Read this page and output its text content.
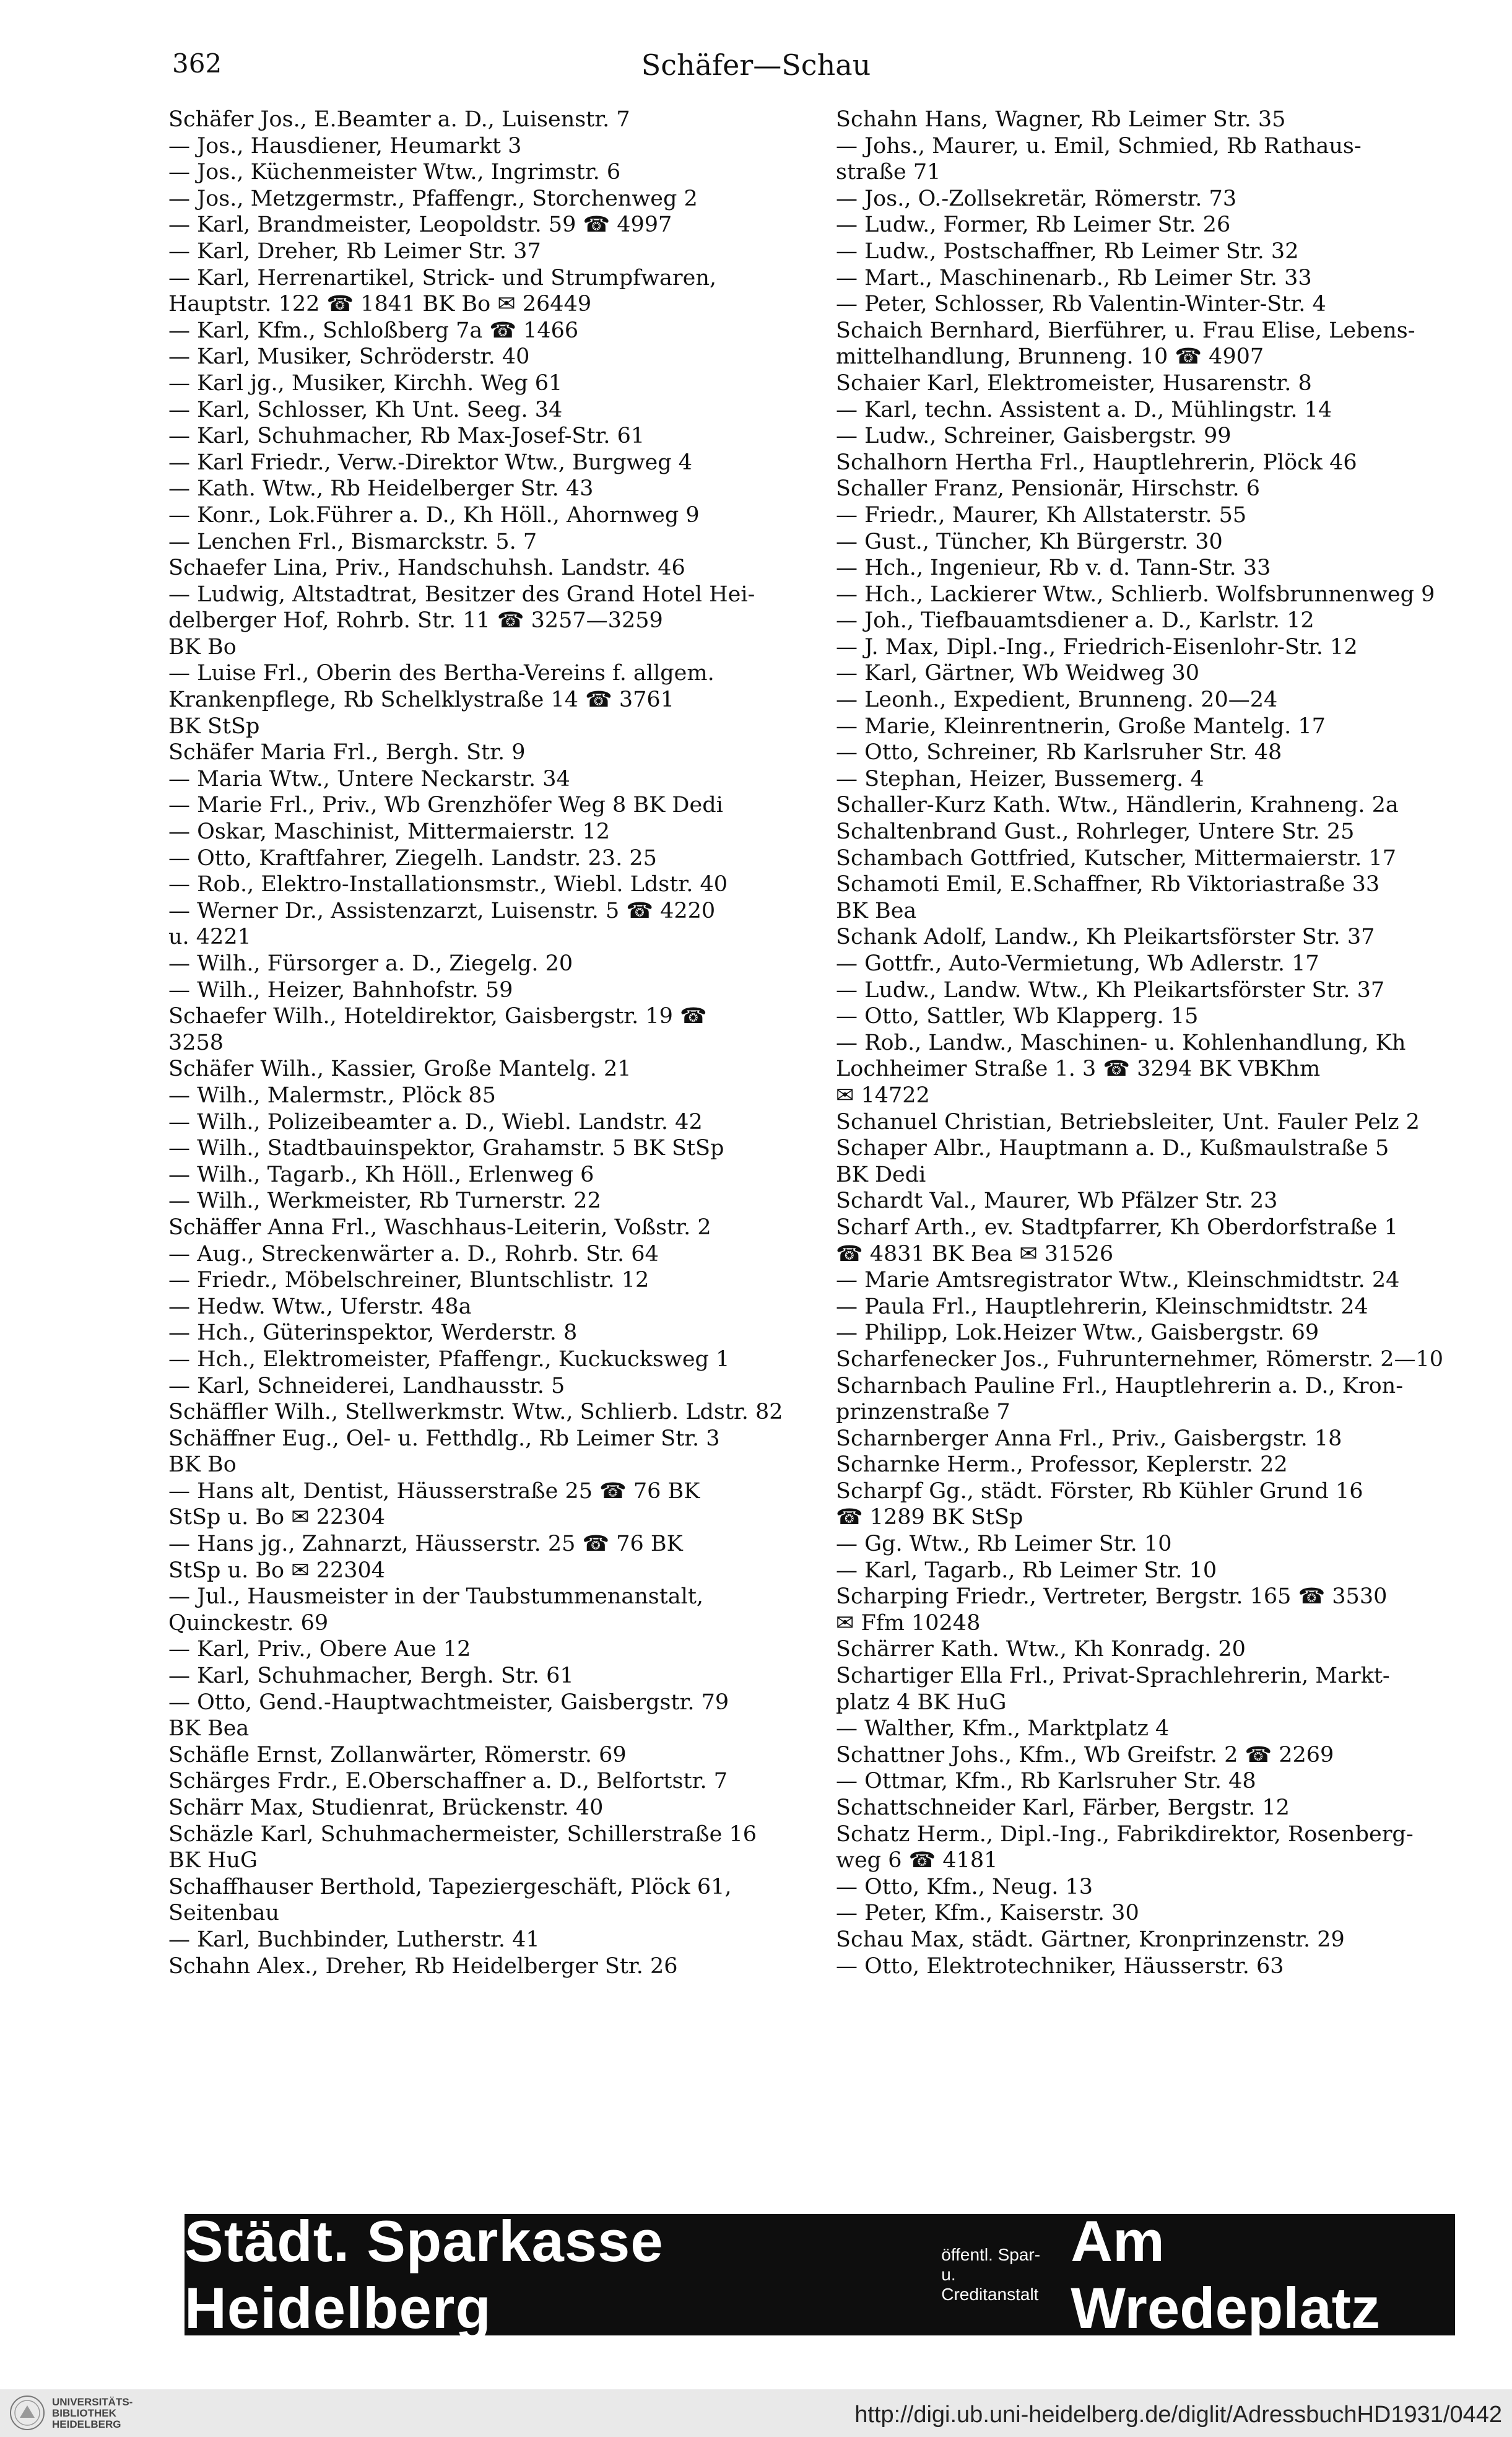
362	Schäfer—Schau
Schäfer Jos., E.Beamter a. D., Luisenstr. 7
— Jos., Hausdiener, Heumarkt 3
— Jos., Küchenmeister Wtw., Ingrimstr. 6
— Jos., Metzgermstr., Pfaffengr., Storchenweg 2
— Karl, Brandmeister, Leopoldstr. 59 ☎ 4997
— Karl, Dreher, Rb Leimer Str. 37
— Karl, Herrenartikel, Strick- und Strumpfwaren,
Hauptstr. 122 ☎ 1841 BK Bo ✉ 26449
— Karl, Kfm., Schloßberg 7a ☎ 1466
— Karl, Musiker, Schröderstr. 40
— Karl jg., Musiker, Kirchh. Weg 61
— Karl, Schlosser, Kh Unt. Seeg. 34
— Karl, Schuhmacher, Rb Max-Josef-Str. 61
— Karl Friedr., Verw.-Direktor Wtw., Burgweg 4
— Kath. Wtw., Rb Heidelberger Str. 43
— Konr., Lok.Führer a. D., Kh Höll., Ahornweg 9
— Lenchen Frl., Bismarckstr. 5. 7
Schaefer Lina, Priv., Handschuhsh. Landstr. 46
— Ludwig, Altstadtrat, Besitzer des Grand Hotel Hei-
delberger Hof, Rohrb. Str. 11 ☎ 3257—3259
BK Bo
— Luise Frl., Oberin des Bertha-Vereins f. allgem.
Krankenpflege, Rb Schelklystraße 14 ☎ 3761
BK StSp
Schäfer Maria Frl., Bergh. Str. 9
— Maria Wtw., Untere Neckarstr. 34
— Marie Frl., Priv., Wb Grenzhöfer Weg 8 BK Dedi
— Oskar, Maschinist, Mittermaierstr. 12
— Otto, Kraftfahrer, Ziegelh. Landstr. 23. 25
— Rob., Elektro-Installationsmstr., Wiebl. Ldstr. 40
— Werner Dr., Assistenzarzt, Luisenstr. 5 ☎ 4220
u. 4221
— Wilh., Fürsorger a. D., Ziegelg. 20
— Wilh., Heizer, Bahnhofstr. 59
Schaefer Wilh., Hoteldirektor, Gaisbergstr. 19 ☎
3258
Schäfer Wilh., Kassier, Große Mantelg. 21
— Wilh., Malermstr., Plöck 85
— Wilh., Polizeibeamter a. D., Wiebl. Landstr. 42
— Wilh., Stadtbauinspektor, Grahamstr. 5 BK StSp
— Wilh., Tagarb., Kh Höll., Erlenweg 6
— Wilh., Werkmeister, Rb Turnerstr. 22
Schäffer Anna Frl., Waschhaus-Leiterin, Voßstr. 2
— Aug., Streckenwärter a. D., Rohrb. Str. 64
— Friedr., Möbelschreiner, Bluntschlistr. 12
— Hedw. Wtw., Uferstr. 48a
— Hch., Güterinspektor, Werderstr. 8
— Hch., Elektromeister, Pfaffengr., Kuckucksweg 1
— Karl, Schneiderei, Landhausstr. 5
Schäffler Wilh., Stellwerkmstr. Wtw., Schlierb. Ldstr. 82
Schäffner Eug., Oel- u. Fetthdlg., Rb Leimer Str. 3
BK Bo
— Hans alt, Dentist, Häusserstraße 25 ☎ 76 BK
StSp u. Bo ✉ 22304
— Hans jg., Zahnarzt, Häusserstr. 25 ☎ 76 BK
StSp u. Bo ✉ 22304
— Jul., Hausmeister in der Taubstummenanstalt,
Quinckestr. 69
— Karl, Priv., Obere Aue 12
— Karl, Schuhmacher, Bergh. Str. 61
— Otto, Gend.-Hauptwachtmeister, Gaisbergstr. 79
BK Bea
Schäfle Ernst, Zollanwärter, Römerstr. 69
Schärges Frdr., E.Oberschaffner a. D., Belfortstr. 7
Schärr Max, Studienrat, Brückenstr. 40
Schäzle Karl, Schuhmachermeister, Schillerstraße 16
BK HuG
Schaffhauser Berthold, Tapeziergeschäft, Plöck 61,
Seitenbau
— Karl, Buchbinder, Lutherstr. 41
Schahn Alex., Dreher, Rb Heidelberger Str. 26
Schahn Hans, Wagner, Rb Leimer Str. 35
— Johs., Maurer, u. Emil, Schmied, Rb Rathaus-
straße 71
— Jos., O.-Zollsekretär, Römerstr. 73
— Ludw., Former, Rb Leimer Str. 26
— Ludw., Postschaffner, Rb Leimer Str. 32
— Mart., Maschinenarb., Rb Leimer Str. 33
— Peter, Schlosser, Rb Valentin-Winter-Str. 4
Schaich Bernhard, Bierführer, u. Frau Elise, Lebens-
mittelhandlung, Brunneng. 10 ☎ 4907
Schaier Karl, Elektromeister, Husarenstr. 8
— Karl, techn. Assistent a. D., Mühlingstr. 14
— Ludw., Schreiner, Gaisbergstr. 99
Schalhorn Hertha Frl., Hauptlehrerin, Plöck 46
Schaller Franz, Pensionär, Hirschstr. 6
— Friedr., Maurer, Kh Allstaterstr. 55
— Gust., Tüncher, Kh Bürgerstr. 30
— Hch., Ingenieur, Rb v. d. Tann-Str. 33
— Hch., Lackierer Wtw., Schlierb. Wolfsbrunnenweg 9
— Joh., Tiefbauamtsdiener a. D., Karlstr. 12
— J. Max, Dipl.-Ing., Friedrich-Eisenlohr-Str. 12
— Karl, Gärtner, Wb Weidweg 30
— Leonh., Expedient, Brunneng. 20—24
— Marie, Kleinrentnerin, Große Mantelg. 17
— Otto, Schreiner, Rb Karlsruher Str. 48
— Stephan, Heizer, Bussemerg. 4
Schaller-Kurz Kath. Wtw., Händlerin, Krahneng. 2a
Schaltenbrand Gust., Rohrleger, Untere Str. 25
Schambach Gottfried, Kutscher, Mittermaierstr. 17
Schamoti Emil, E.Schaffner, Rb Viktoriastraße 33
BK Bea
Schank Adolf, Landw., Kh Pleikartsförster Str. 37
— Gottfr., Auto-Vermietung, Wb Adlerstr. 17
— Ludw., Landw. Wtw., Kh Pleikartsförster Str. 37
— Otto, Sattler, Wb Klapperg. 15
— Rob., Landw., Maschinen- u. Kohlenhandlung, Kh
Lochheimer Straße 1. 3 ☎ 3294 BK VBKhm
✉ 14722
Schanuel Christian, Betriebsleiter, Unt. Fauler Pelz 2
Schaper Albr., Hauptmann a. D., Kußmaulstraße 5
BK Dedi
Schardt Val., Maurer, Wb Pfälzer Str. 23
Scharf Arth., ev. Stadtpfarrer, Kh Oberdorfstraße 1
☎ 4831 BK Bea ✉ 31526
— Marie Amtsregistrator Wtw., Kleinschmidtstr. 24
— Paula Frl., Hauptlehrerin, Kleinschmidtstr. 24
— Philipp, Lok.Heizer Wtw., Gaisbergstr. 69
Scharfenecker Jos., Fuhrunternehmer, Römerstr. 2—10
Scharnbach Pauline Frl., Hauptlehrerin a. D., Kron-
prinzenstraße 7
Scharnberger Anna Frl., Priv., Gaisbergstr. 18
Scharnke Herm., Professor, Keplerstr. 22
Scharpf Gg., städt. Förster, Rb Kühler Grund 16
☎ 1289 BK StSp
— Gg. Wtw., Rb Leimer Str. 10
— Karl, Tagarb., Rb Leimer Str. 10
Scharping Friedr., Vertreter, Bergstr. 165 ☎ 3530
✉ Ffm 10248
Schärrer Kath. Wtw., Kh Konradg. 20
Schartiger Ella Frl., Privat-Sprachlehrerin, Markt-
platz 4 BK HuG
— Walther, Kfm., Marktplatz 4
Schattner Johs., Kfm., Wb Greifstr. 2 ☎ 2269
— Ottmar, Kfm., Rb Karlsruher Str. 48
Schattschneider Karl, Färber, Bergstr. 12
Schatz Herm., Dipl.-Ing., Fabrikdirektor, Rosenberg-
weg 6 ☎ 4181
— Otto, Kfm., Neug. 13
— Peter, Kfm., Kaiserstr. 30
Schau Max, städt. Gärtner, Kronprinzenstr. 29
— Otto, Elektrotechniker, Häusserstr. 63
Städt. Sparkasse Heidelberg
öffentl. Spar- u.
Creditanstalt
Am Wredeplatz
UNIVERSITÄTS-
BIBLIOTHEK
HEIDELBERG	http://digi.ub.uni-heidelberg.de/diglit/AdressbuchHD1931/0442
